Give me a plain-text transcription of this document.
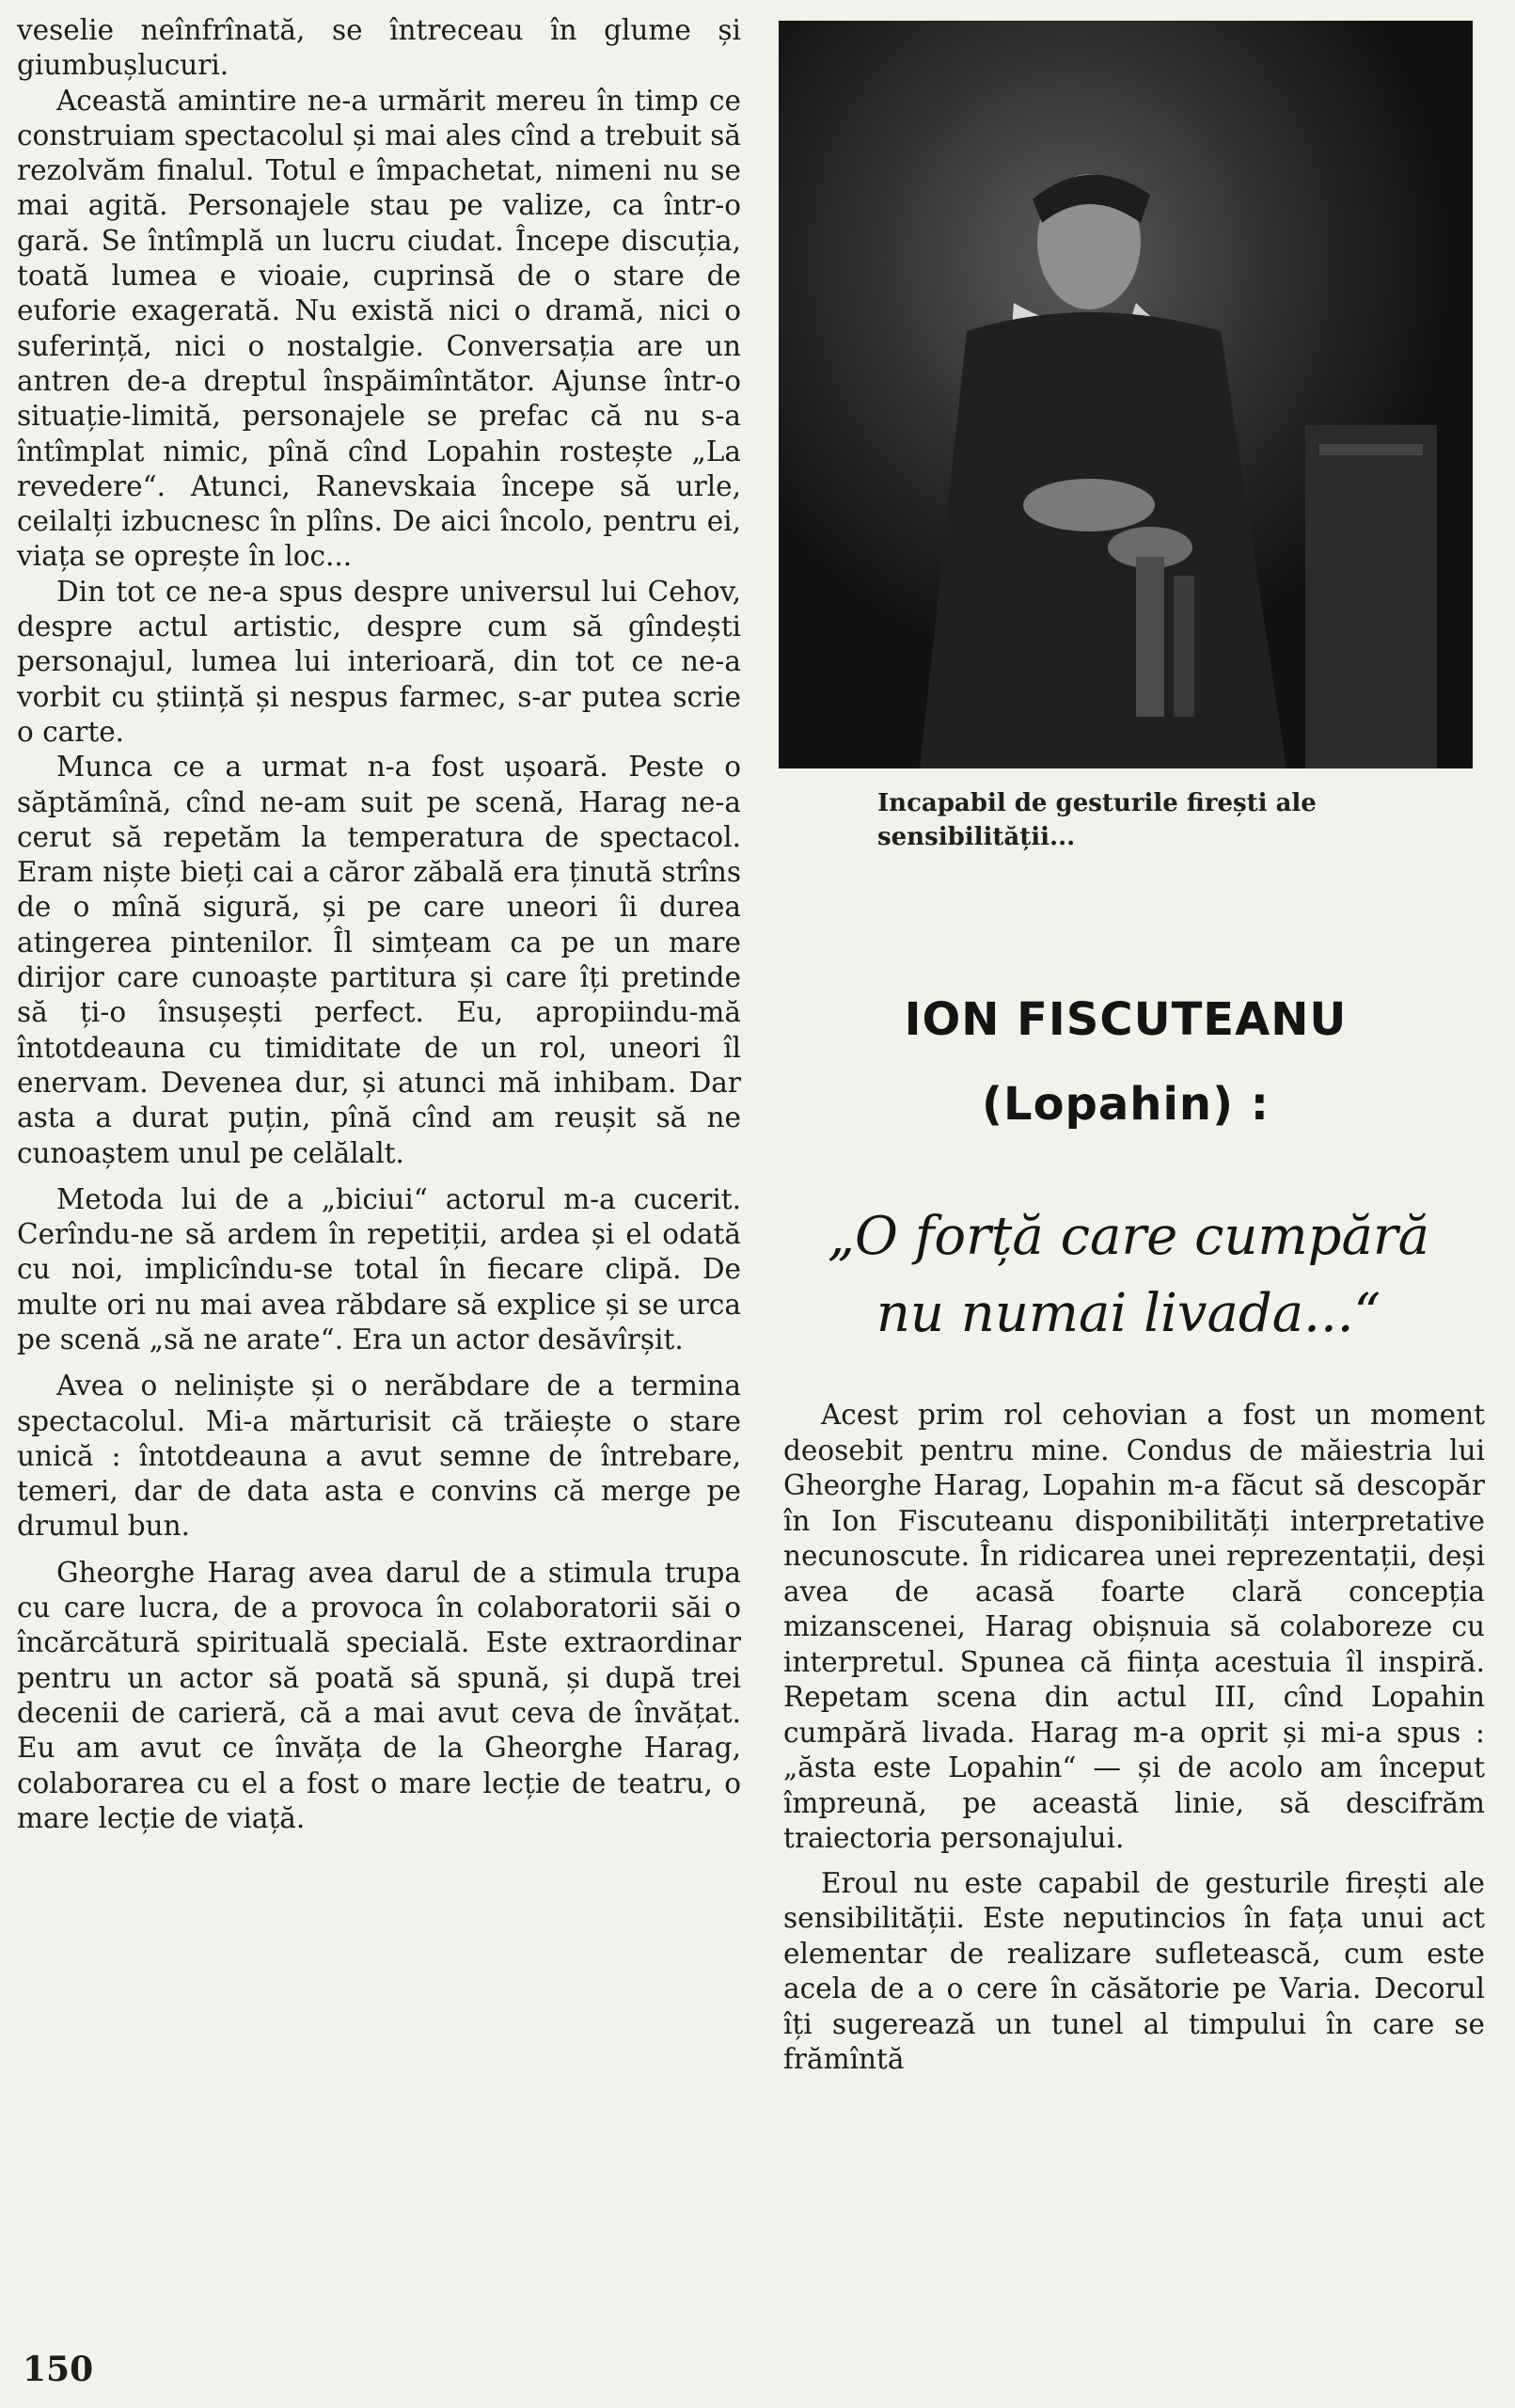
veselie neînfrînată, se întreceau în glume și giumbușlucuri.

Această amintire ne-a urmărit mereu în timp ce construiam spectacolul și mai ales cînd a trebuit să rezolvăm finalul. Totul e împachetat, nimeni nu se mai agită. Personajele stau pe valize, ca într-o gară. Se întîmplă un lucru ciudat. Începe discuția, toată lumea e vioaie, cuprinsă de o stare de euforie exagerată. Nu există nici o dramă, nici o suferință, nici o nostalgie. Conversația are un antren de-a dreptul înspăimîntător. Ajunse într-o situație-limită, personajele se prefac că nu s-a întîmplat nimic, pînă cînd Lopahin rostește „La revedere“. Atunci, Ranevskaia începe să urle, ceilalți izbucnesc în plîns. De aici încolo, pentru ei, viața se oprește în loc...

Din tot ce ne-a spus despre universul lui Cehov, despre actul artistic, despre cum să gîndești personajul, lumea lui interioară, din tot ce ne-a vorbit cu știință și nespus farmec, s-ar putea scrie o carte.

Munca ce a urmat n-a fost ușoară. Peste o săptămînă, cînd ne-am suit pe scenă, Harag ne-a cerut să repetăm la temperatura de spectacol. Eram niște bieți cai a căror zăbală era ținută strîns de o mînă sigură, și pe care uneori îi durea atingerea pintenilor. Îl simțeam ca pe un mare dirijor care cunoaște partitura și care îți pretinde să ți-o însușești perfect. Eu, apropiindu-mă întotdeauna cu timiditate de un rol, uneori îl enervam. Devenea dur, și atunci mă inhibam. Dar asta a durat puțin, pînă cînd am reușit să ne cunoaștem unul pe celălalt.

Metoda lui de a „biciui“ actorul m-a cucerit. Cerîndu-ne să ardem în repetiții, ardea și el odată cu noi, implicîndu-se total în fiecare clipă. De multe ori nu mai avea răbdare să explice și se urca pe scenă „să ne arate“. Era un actor desăvîrșit.

Avea o neliniște și o nerăbdare de a termina spectacolul. Mi-a mărturisit că trăiește o stare unică : întotdeauna a avut semne de întrebare, temeri, dar de data asta e convins că merge pe drumul bun.

Gheorghe Harag avea darul de a stimula trupa cu care lucra, de a provoca în colaboratorii săi o încărcătură spirituală specială. Este extraordinar pentru un actor să poată să spună, și după trei decenii de carieră, că a mai avut ceva de învățat. Eu am avut ce învăța de la Gheorghe Harag, colaborarea cu el a fost o mare lecție de teatru, o mare lecție de viață.

Incapabil de gesturile firești ale sensibilității...
ION FISCUTEANU
(Lopahin) :
„O forță care cumpără
nu numai livada...“

Acest prim rol cehovian a fost un moment deosebit pentru mine. Condus de măiestria lui Gheorghe Harag, Lopahin m-a făcut să descopăr în Ion Fiscuteanu disponibilități interpretative necunoscute. În ridicarea unei reprezentații, deși avea de acasă foarte clară concepția mizanscenei, Harag obișnuia să colaboreze cu interpretul. Spunea că ființa acestuia îl inspiră. Repetam scena din actul III, cînd Lopahin cumpără livada. Harag m-a oprit și mi-a spus : „ăsta este Lopahin“ — și de acolo am început împreună, pe această linie, să descifrăm traiectoria personajului.

Eroul nu este capabil de gesturile firești ale sensibilității. Este neputincios în fața unui act elementar de realizare sufletească, cum este acela de a o cere în căsătorie pe Varia. Decorul îți sugerează un tunel al timpului în care se frămîntă

150
